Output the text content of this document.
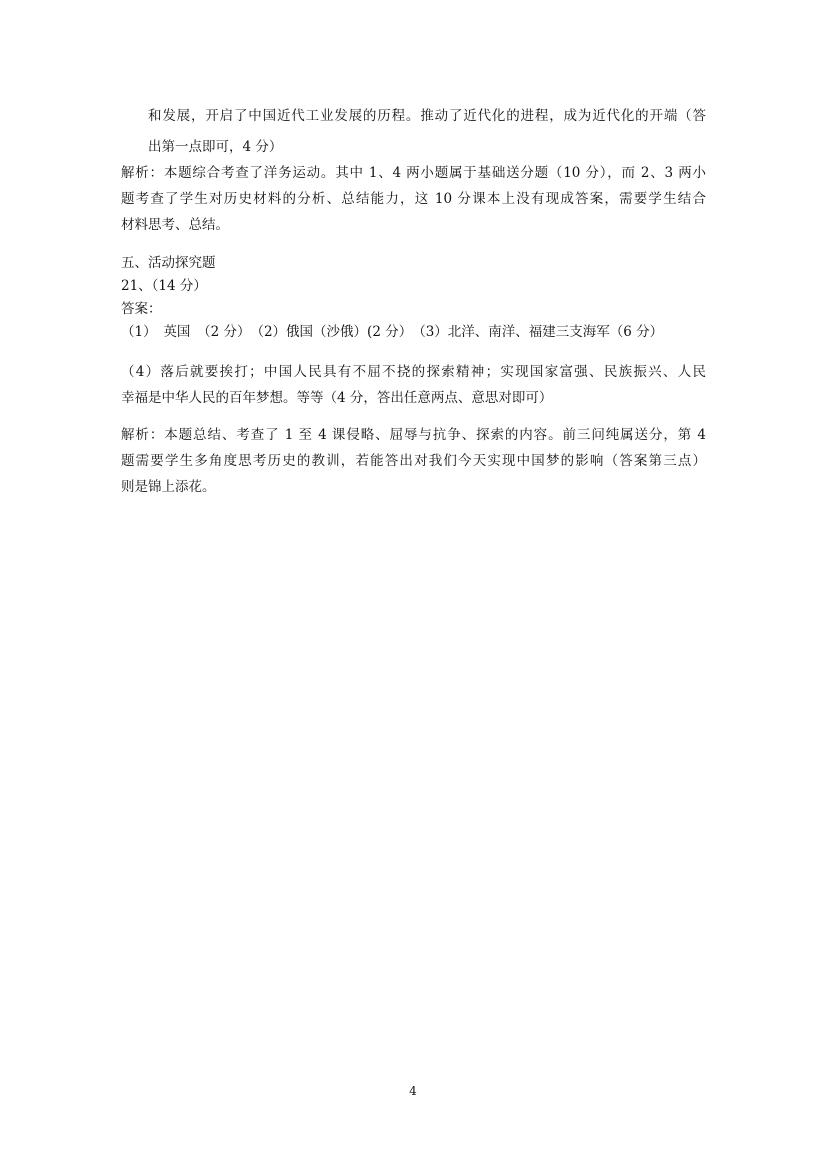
和发展，开启了中国近代工业发展的历程。推动了近代化的进程，成为近代化的开端（答
出第一点即可，4 分）
解析：本题综合考查了洋务运动。其中 1、4 两小题属于基础送分题（10 分），而 2、3 两小
题考查了学生对历史材料的分析、总结能力，这 10 分课本上没有现成答案，需要学生结合
材料思考、总结。
五、活动探究题
21、（14 分）
答案：
（1）　英国　（2 分）　（2）俄国（沙俄）(2 分）　（3）北洋、南洋、福建三支海军（6 分）
（4）落后就要挨打；中国人民具有不屈不挠的探索精神；实现国家富强、民族振兴、人民
幸福是中华人民的百年梦想。等等（4 分，答出任意两点、意思对即可）
解析：本题总结、考查了 1 至 4 课侵略、屈辱与抗争、探索的内容。前三问纯属送分，第 4
题需要学生多角度思考历史的教训，若能答出对我们今天实现中国梦的影响（答案第三点）
则是锦上添花。
4
